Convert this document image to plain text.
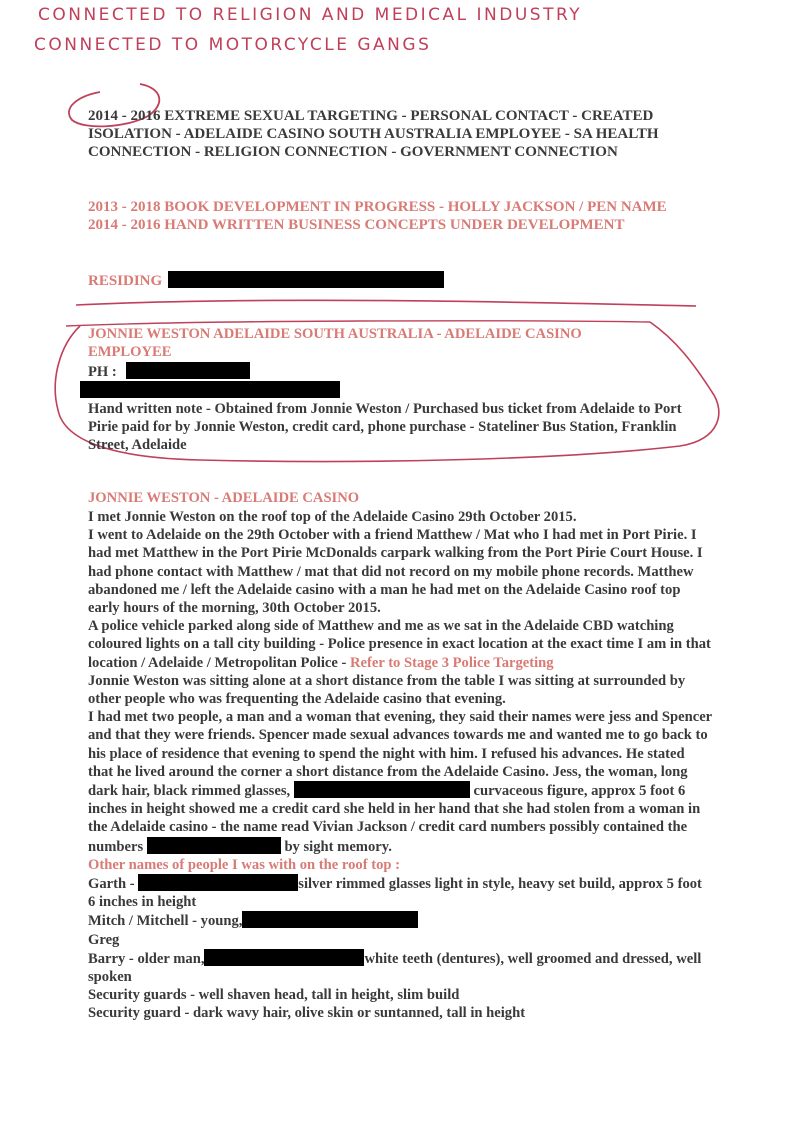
CONNECTED TO RELIGION AND MEDICAL INDUSTRY
CONNECTED TO MOTORCYCLE GANGS
2014 - 2016 EXTREME SEXUAL TARGETING - PERSONAL CONTACT - CREATED ISOLATION - ADELAIDE CASINO SOUTH AUSTRALIA EMPLOYEE - SA HEALTH CONNECTION - RELIGION CONNECTION - GOVERNMENT CONNECTION
2013 - 2018 BOOK DEVELOPMENT IN PROGRESS - HOLLY JACKSON / PEN NAME
2014 - 2016 HAND WRITTEN BUSINESS CONCEPTS UNDER DEVELOPMENT
RESIDING
JONNIE WESTON ADELAIDE SOUTH AUSTRALIA - ADELAIDE CASINO EMPLOYEE
PH :
Hand written note - Obtained from Jonnie Weston / Purchased bus ticket from Adelaide to Port Pirie paid for by Jonnie Weston, credit card, phone purchase - Stateliner Bus Station, Franklin Street, Adelaide
JONNIE WESTON - ADELAIDE CASINO

I met Jonnie Weston on the roof top of the Adelaide Casino 29th October 2015.

I went to Adelaide on the 29th October with a friend Matthew / Mat who I had met in Port Pirie. I had met Matthew in the Port Pirie McDonalds carpark walking from the Port Pirie Court House. I had phone contact with Matthew / mat that did not record on my mobile phone records. Matthew abandoned me / left the Adelaide casino with a man he had met on the Adelaide Casino roof top early hours of the morning, 30th October 2015.

A police vehicle parked along side of Matthew and me as we sat in the Adelaide CBD watching coloured lights on a tall city building - Police presence in exact location at the exact time I am in that location / Adelaide / Metropolitan Police - Refer to Stage 3 Police Targeting

Jonnie Weston was sitting alone at a short distance from the table I was sitting at surrounded by other people who was frequenting the Adelaide casino that evening.

I had met two people, a man and a woman that evening, they said their names were jess and Spencer and that they were friends. Spencer made sexual advances towards me and wanted me to go back to his place of residence that evening to spend the night with him. I refused his advances. He stated that he lived around the corner a short distance from the Adelaide Casino. Jess, the woman, long dark hair, black rimmed glasses,	curvaceous figure, approx 5 foot 6 inches in height showed me a credit card she held in her hand that she had stolen from a woman in the Adelaide casino - the name read Vivian Jackson / credit card numbers possibly contained the numbers	by sight memory.

Other names of people I was with on the roof top :

Garth -	silver rimmed glasses light in style, heavy set build, approx 5 foot 6 inches in height

Mitch / Mitchell - young,

Greg

Barry - older man,	white teeth (dentures), well groomed and dressed, well spoken

Security guards - well shaven head, tall in height, slim build

Security guard - dark wavy hair, olive skin or suntanned, tall in height
